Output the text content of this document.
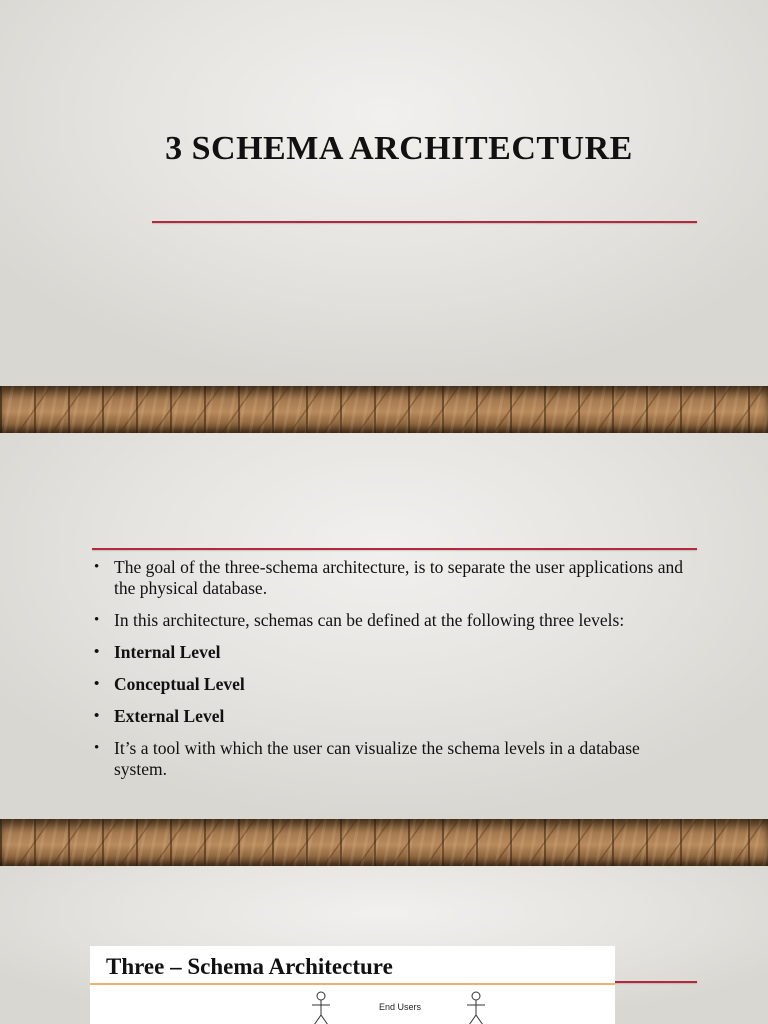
3 SCHEMA ARCHITECTURE
• The goal of the three-schema architecture, is to separate the user applications and the physical database.
• In this architecture, schemas can be defined at the following three levels:
• Internal Level
• Conceptual Level
• External Level
• It’s a tool with which the user can visualize the schema levels in a database system.
Three – Schema Architecture
End Users
